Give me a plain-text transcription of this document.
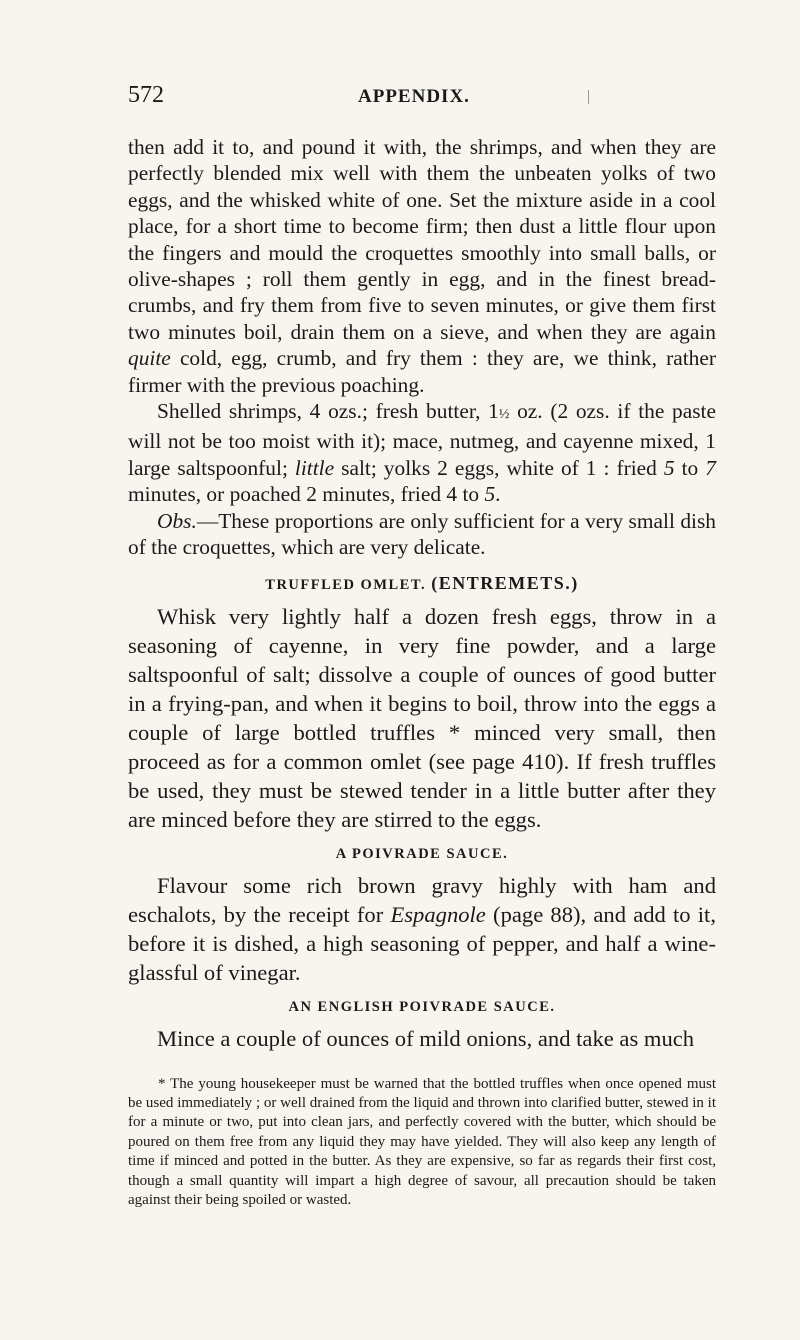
572	APPENDIX.

then add it to, and pound it with, the shrimps, and when they are perfectly blended mix well with them the unbeaten yolks of two eggs, and the whisked white of one. Set the mixture aside in a cool place, for a short time to become firm; then dust a little flour upon the fingers and mould the croquettes smoothly into small balls, or olive-shapes ; roll them gently in egg, and in the finest bread-crumbs, and fry them from five to seven minutes, or give them first two minutes boil, drain them on a sieve, and when they are again quite cold, egg, crumb, and fry them : they are, we think, rather firmer with the previous poaching.

Shelled shrimps, 4 ozs.; fresh butter, 1½ oz. (2 ozs. if the paste will not be too moist with it); mace, nutmeg, and cayenne mixed, 1 large saltspoonful; little salt; yolks 2 eggs, white of 1 : fried 5 to 7 minutes, or poached 2 minutes, fried 4 to 5.

Obs.—These proportions are only sufficient for a very small dish of the croquettes, which are very delicate.

TRUFFLED OMLET. (ENTREMETS.)

Whisk very lightly half a dozen fresh eggs, throw in a seasoning of cayenne, in very fine powder, and a large saltspoonful of salt; dissolve a couple of ounces of good butter in a frying-pan, and when it begins to boil, throw into the eggs a couple of large bottled truffles * minced very small, then proceed as for a common omlet (see page 410). If fresh truffles be used, they must be stewed tender in a little butter after they are minced before they are stirred to the eggs.

A POIVRADE SAUCE.

Flavour some rich brown gravy highly with ham and eschalots, by the receipt for Espagnole (page 88), and add to it, before it is dished, a high seasoning of pepper, and half a wine-glassful of vinegar.

AN ENGLISH POIVRADE SAUCE.

Mince a couple of ounces of mild onions, and take as much

* The young housekeeper must be warned that the bottled truffles when once opened must be used immediately ; or well drained from the liquid and thrown into clarified butter, stewed in it for a minute or two, put into clean jars, and perfectly covered with the butter, which should be poured on them free from any liquid they may have yielded. They will also keep any length of time if minced and potted in the butter. As they are expensive, so far as regards their first cost, though a small quantity will impart a high degree of savour, all precaution should be taken against their being spoiled or wasted.
